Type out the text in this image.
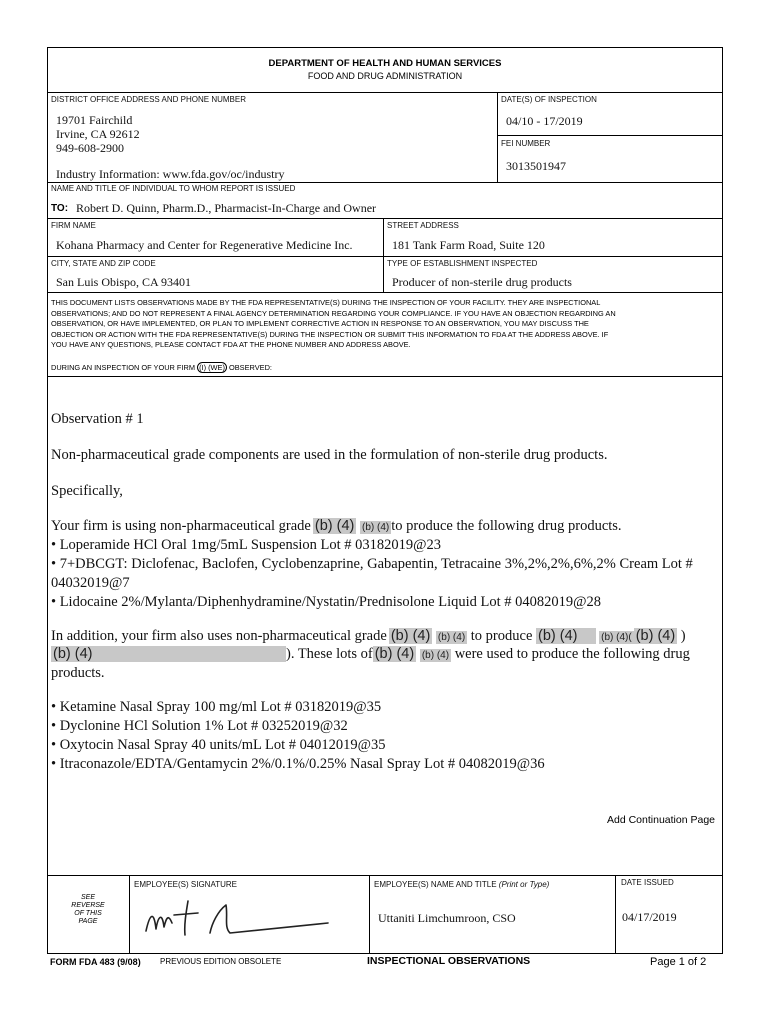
DEPARTMENT OF HEALTH AND HUMAN SERVICES
FOOD AND DRUG ADMINISTRATION
DISTRICT OFFICE ADDRESS AND PHONE NUMBER
19701 Fairchild
Irvine, CA 92612
949-608-2900
Industry Information: www.fda.gov/oc/industry
DATE(S) OF INSPECTION
04/10 - 17/2019
FEI NUMBER
3013501947
NAME AND TITLE OF INDIVIDUAL TO WHOM REPORT IS ISSUED
TO: Robert D. Quinn, Pharm.D., Pharmacist-In-Charge and Owner
FIRM NAME
Kohana Pharmacy and Center for Regenerative Medicine Inc.
STREET ADDRESS
181 Tank Farm Road, Suite 120
CITY, STATE AND ZIP CODE
San Luis Obispo, CA 93401
TYPE OF ESTABLISHMENT INSPECTED
Producer of non-sterile drug products
THIS DOCUMENT LISTS OBSERVATIONS MADE BY THE FDA REPRESENTATIVE(S) DURING THE INSPECTION OF YOUR FACILITY. THEY ARE INSPECTIONAL
OBSERVATIONS; AND DO NOT REPRESENT A FINAL AGENCY DETERMINATION REGARDING YOUR COMPLIANCE. IF YOU HAVE AN OBJECTION REGARDING AN
OBSERVATION, OR HAVE IMPLEMENTED, OR PLAN TO IMPLEMENT CORRECTIVE ACTION IN RESPONSE TO AN OBSERVATION, YOU MAY DISCUSS THE
OBJECTION OR ACTION WITH THE FDA REPRESENTATIVE(S) DURING THE INSPECTION OR SUBMIT THIS INFORMATION TO FDA AT THE ADDRESS ABOVE. IF
YOU HAVE ANY QUESTIONS, PLEASE CONTACT FDA AT THE PHONE NUMBER AND ADDRESS ABOVE.
DURING AN INSPECTION OF YOUR FIRM (I) (WE) OBSERVED:
Observation # 1
Non-pharmaceutical grade components are used in the formulation of non-sterile drug products.
Specifically,
Your firm is using non-pharmaceutical grade (b) (4) (b) (4) to produce the following drug products.
• Loperamide HCl Oral 1mg/5mL Suspension Lot # 03182019@23
• 7+DBCGT: Diclofenac, Baclofen, Cyclobenzaprine, Gabapentin, Tetracaine 3%,2%,2%,6%,2% Cream Lot #
04032019@7
• Lidocaine 2%/Mylanta/Diphenhydramine/Nystatin/Prednisolone Liquid Lot # 04082019@28
In addition, your firm also uses non-pharmaceutical grade (b) (4) (b) (4) to produce (b) (4) (b) (4)( (b) (4) )
(b) (4)	). These lots of (b) (4) (b) (4) were used to produce the following drug
products.
• Ketamine Nasal Spray 100 mg/ml Lot # 03182019@35
• Dyclonine HCl Solution 1% Lot # 03252019@32
• Oxytocin Nasal Spray 40 units/mL Lot # 04012019@35
• Itraconazole/EDTA/Gentamycin 2%/0.1%/0.25% Nasal Spray Lot # 04082019@36
Add Continuation Page
SEE
REVERSE
OF THIS
PAGE
EMPLOYEE(S) SIGNATURE	EMPLOYEE(S) NAME AND TITLE (Print or Type)
Uttaniti Limchumroon, CSO
DATE ISSUED
04/17/2019
FORM FDA 483 (9/08) PREVIOUS EDITION OBSOLETE	INSPECTIONAL OBSERVATIONS	Page 1 of 2
